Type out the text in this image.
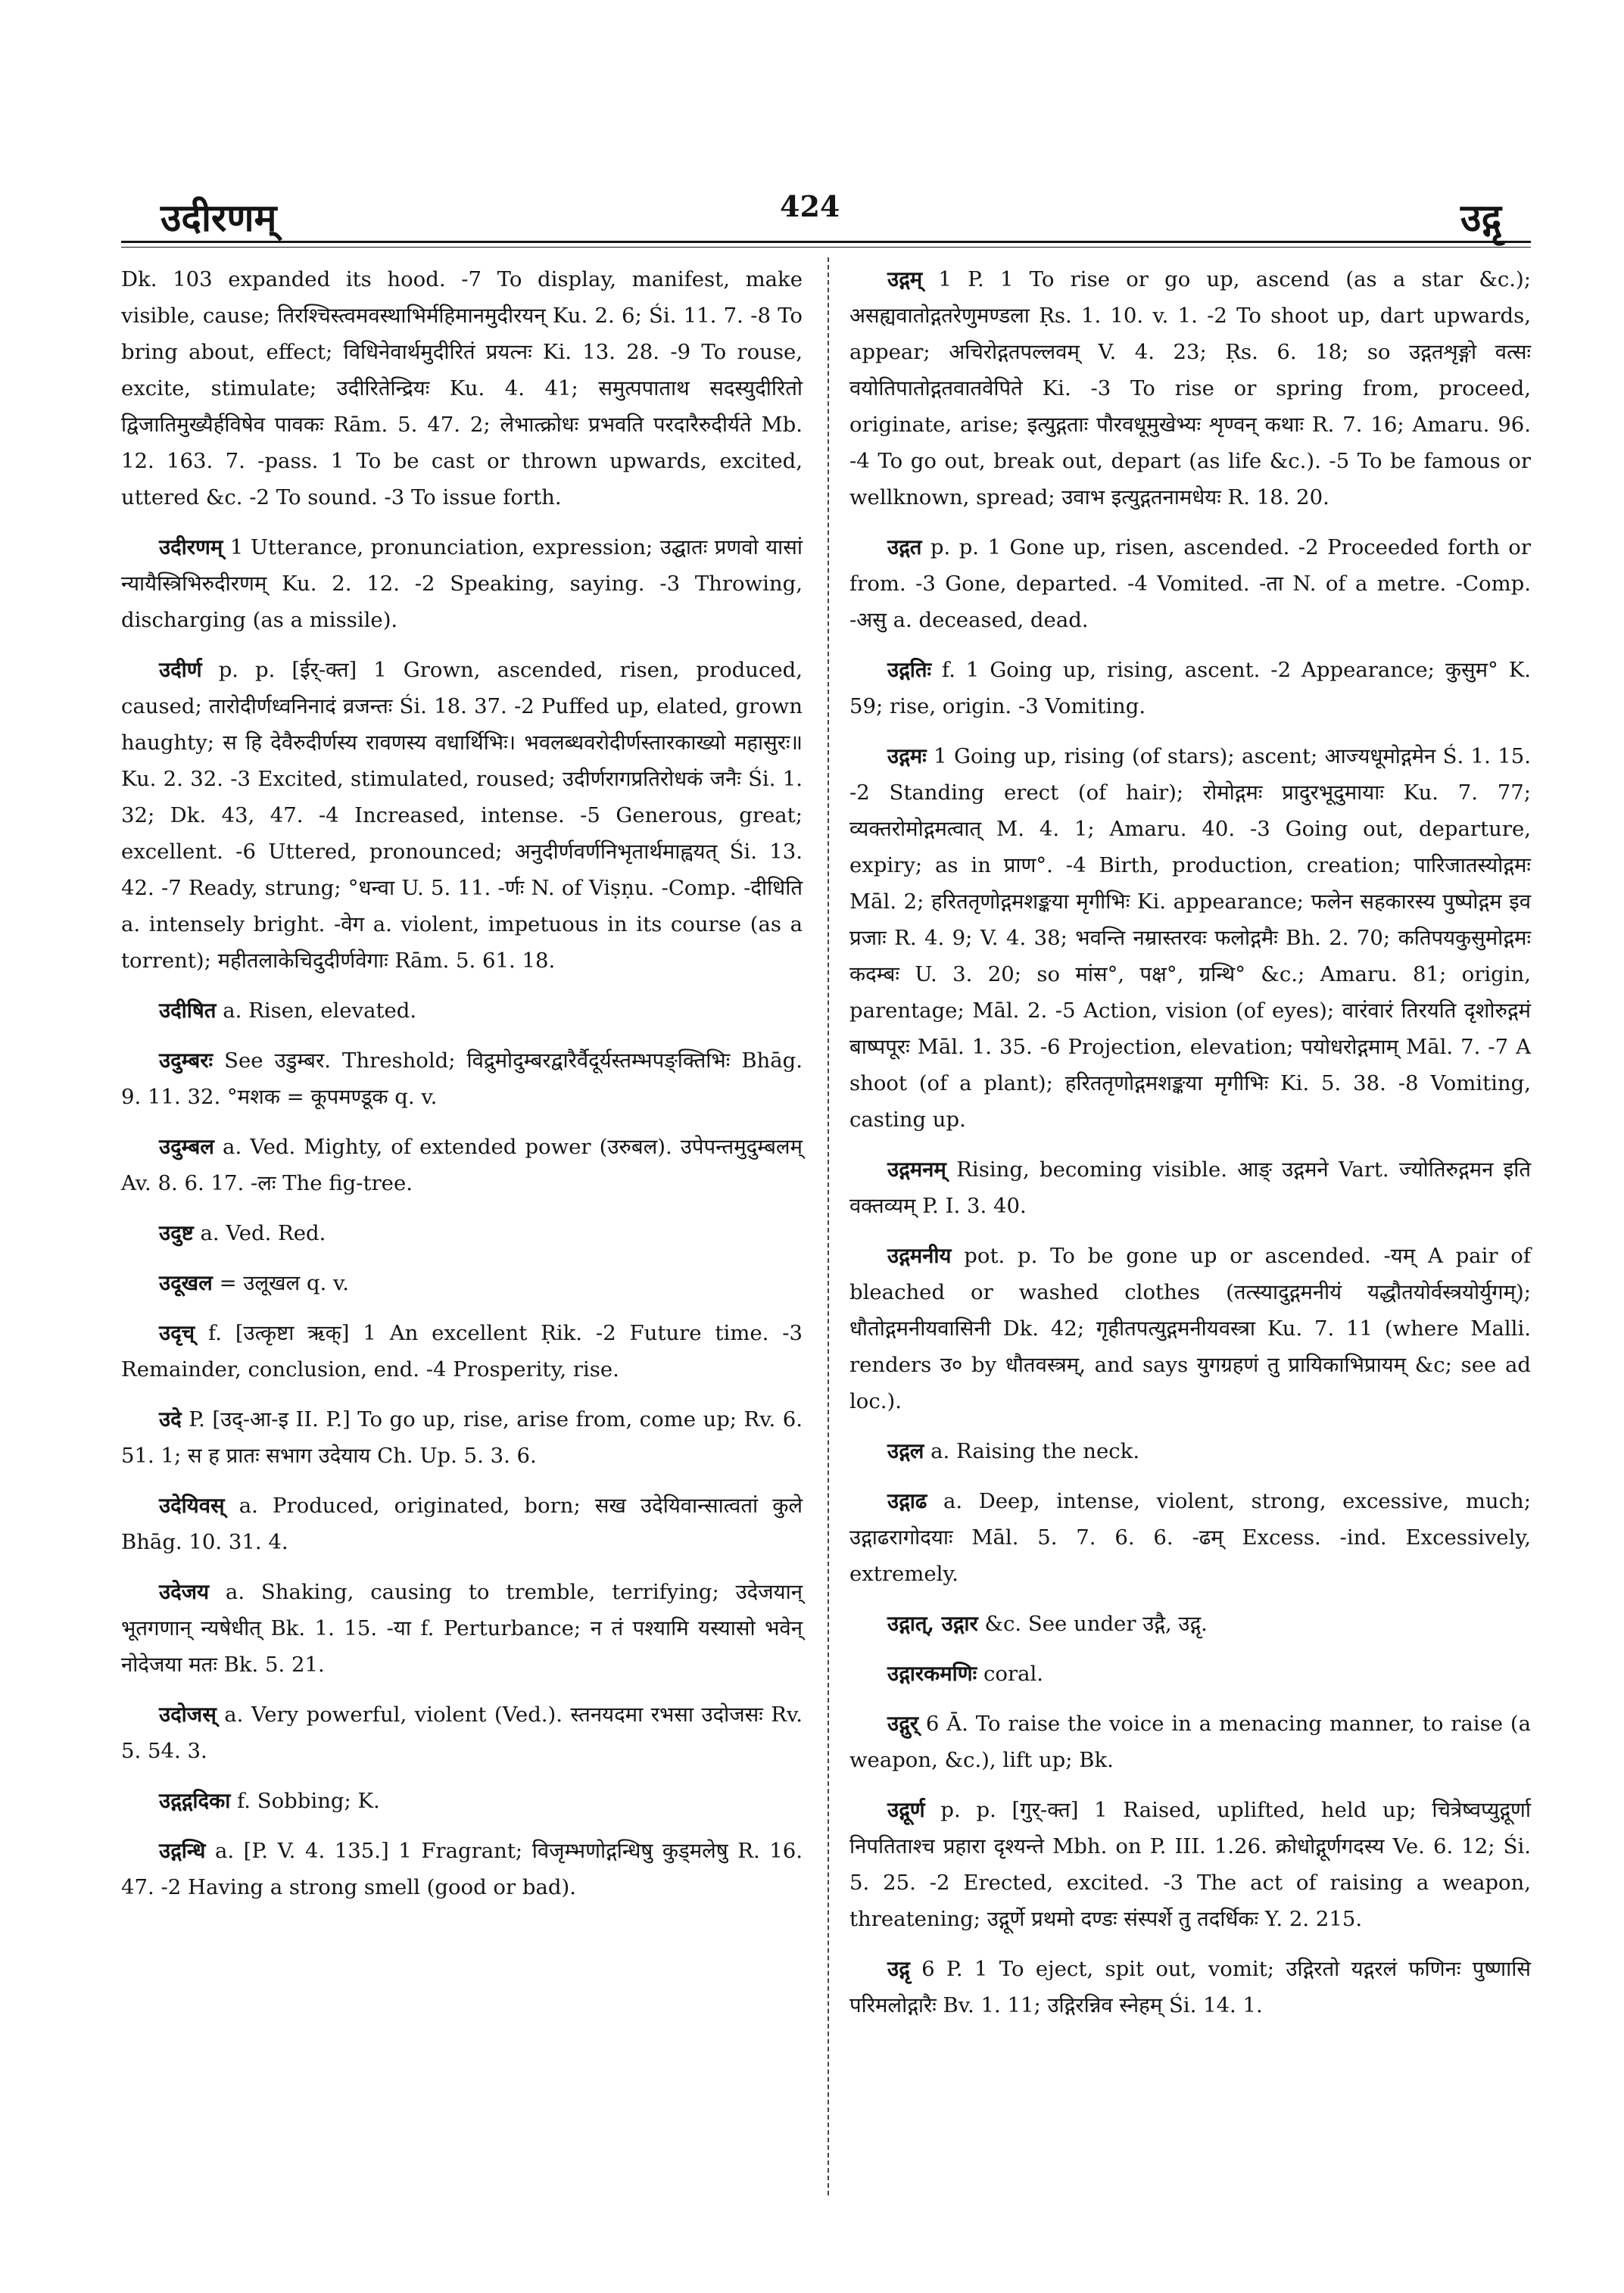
उदीरणम्	424	उद्गृ

Dk. 103 expanded its hood. -7 To display, manifest, make visible, cause; तिरश्चिस्त्वमवस्थाभिर्महिमानमुदीरयन् Ku. 2. 6; Śi. 11. 7. -8 To bring about, effect; विधिनेवार्थमुदीरितं प्रयत्नः Ki. 13. 28. -9 To rouse, excite, stimulate; उदीरितेन्द्रियः Ku. 4. 41; समुत्पपाताथ सदस्युदीरितो द्विजातिमुख्यैर्हविषेव पावकः Rām. 5. 47. 2; लेभात्क्रोधः प्रभवति परदारैरुदीर्यते Mb. 12. 163. 7. -pass. 1 To be cast or thrown upwards, excited, uttered &c. -2 To sound. -3 To issue forth.

उदीरणम् 1 Utterance, pronunciation, expression; उद्घातः प्रणवो यासां न्यायैस्त्रिभिरुदीरणम् Ku. 2. 12. -2 Speaking, saying. -3 Throwing, discharging (as a missile).

उदीर्ण p. p. [ईर्-क्त] 1 Grown, ascended, risen, produced, caused; तारोदीर्णध्वनिनादं व्रजन्तः Śi. 18. 37. -2 Puffed up, elated, grown haughty; स हि देवैरुदीर्णस्य रावणस्य वधार्थिभिः। भवलब्धवरोदीर्णस्तारकाख्यो महासुरः॥ Ku. 2. 32. -3 Excited, stimulated, roused; उदीर्णरागप्रतिरोधकं जनैः Śi. 1. 32; Dk. 43, 47. -4 Increased, intense. -5 Generous, great; excellent. -6 Uttered, pronounced; अनुदीर्णवर्णनिभृतार्थमाह्वयत् Śi. 13. 42. -7 Ready, strung; °धन्वा U. 5. 11. -र्णः N. of Viṣṇu. -Comp. -दीधिति a. intensely bright. -वेग a. violent, impetuous in its course (as a torrent); महीतलाकेचिदुदीर्णवेगाः Rām. 5. 61. 18.

उदीषित a. Risen, elevated.

उदुम्बरः See उडुम्बर. Threshold; विद्रुमोदुम्बरद्वारैर्वैदूर्यस्तम्भपङ्क्तिभिः Bhāg. 9. 11. 32. °मशक = कूपमण्डूक q. v.

उदुम्बल a. Ved. Mighty, of extended power (उरुबल). उपेपन्तमुदुम्बलम् Av. 8. 6. 17. -लः The fig-tree.

उदुष्ट a. Ved. Red.

उदूखल = उलूखल q. v.

उदृच् f. [उत्कृष्टा ऋक्] 1 An excellent Ṛik. -2 Future time. -3 Remainder, conclusion, end. -4 Prosperity, rise.

उदे P. [उद्-आ-इ II. P.] To go up, rise, arise from, come up; Rv. 6. 51. 1; स ह प्रातः सभाग उदेयाय Ch. Up. 5. 3. 6.

उदेयिवस् a. Produced, originated, born; सख उदेयिवान्सात्वतां कुले Bhāg. 10. 31. 4.

उदेजय a. Shaking, causing to tremble, terrifying; उदेजयान् भूतगणान् न्यषेधीत् Bk. 1. 15. -या f. Perturbance; न तं पश्यामि यस्यासो भवेन् नोदेजया मतः Bk. 5. 21.

उदोजस् a. Very powerful, violent (Ved.). स्तनयदमा रभसा उदोजसः Rv. 5. 54. 3.

उद्गद्गदिका f. Sobbing; K.

उद्गन्धि a. [P. V. 4. 135.] 1 Fragrant; विजृम्भणोद्गन्धिषु कुड्मलेषु R. 16. 47. -2 Having a strong smell (good or bad).

उद्गम् 1 P. 1 To rise or go up, ascend (as a star &c.); असह्यवातोद्गतरेणुमण्डला Ṛs. 1. 10. v. 1. -2 To shoot up, dart upwards, appear; अचिरोद्गतपल्लवम् V. 4. 23; Ṛs. 6. 18; so उद्गतशृङ्गो वत्सः वयोतिपातोद्गतवातवेपिते Ki. -3 To rise or spring from, proceed, originate, arise; इत्युद्गताः पौरवधूमुखेभ्यः शृण्वन् कथाः R. 7. 16; Amaru. 96. -4 To go out, break out, depart (as life &c.). -5 To be famous or wellknown, spread; उवाभ इत्युद्गतनामधेयः R. 18. 20.

उद्गत p. p. 1 Gone up, risen, ascended. -2 Proceeded forth or from. -3 Gone, departed. -4 Vomited. -ता N. of a metre. -Comp. -असु a. deceased, dead.

उद्गतिः f. 1 Going up, rising, ascent. -2 Appearance; कुसुम° K. 59; rise, origin. -3 Vomiting.

उद्गमः 1 Going up, rising (of stars); ascent; आज्यधूमोद्गमेन Ś. 1. 15. -2 Standing erect (of hair); रोमोद्गमः प्रादुरभूदुमायाः Ku. 7. 77; व्यक्तरोमोद्गमत्वात् M. 4. 1; Amaru. 40. -3 Going out, departure, expiry; as in प्राण°. -4 Birth, production, creation; पारिजातस्योद्गमः Māl. 2; हरिततृणोद्गमशङ्कया मृगीभिः Ki. appearance; फलेन सहकारस्य पुष्पोद्गम इव प्रजाः R. 4. 9; V. 4. 38; भवन्ति नम्रास्तरवः फलोद्गमैः Bh. 2. 70; कतिपयकुसुमोद्गमः कदम्बः U. 3. 20; so मांस°, पक्ष°, ग्रन्थि° &c.; Amaru. 81; origin, parentage; Māl. 2. -5 Action, vision (of eyes); वारंवारं तिरयति दृशोरुद्गमं बाष्पपूरः Māl. 1. 35. -6 Projection, elevation; पयोधरोद्गमाम् Māl. 7. -7 A shoot (of a plant); हरिततृणोद्गमशङ्कया मृगीभिः Ki. 5. 38. -8 Vomiting, casting up.

उद्गमनम् Rising, becoming visible. आङ् उद्गमने Vart. ज्योतिरुद्गमन इति वक्तव्यम् P. I. 3. 40.

उद्गमनीय pot. p. To be gone up or ascended. -यम् A pair of bleached or washed clothes (तत्स्यादुद्गमनीयं यद्धौतयोर्वस्त्रयोर्युगम्); धौतोद्गमनीयवासिनी Dk. 42; गृहीतपत्युद्गमनीयवस्त्रा Ku. 7. 11 (where Malli. renders उ० by धौतवस्त्रम्, and says युगग्रहणं तु प्रायिकाभिप्रायम् &c; see ad loc.).

उद्गल a. Raising the neck.

उद्गाढ a. Deep, intense, violent, strong, excessive, much; उद्गाढरागोदयाः Māl. 5. 7. 6. 6. -ढम् Excess. -ind. Excessively, extremely.

उद्गात्, उद्गार &c. See under उद्गै, उद्गृ.

उद्गारकमणिः coral.

उद्गुर् 6 Ā. To raise the voice in a menacing manner, to raise (a weapon, &c.), lift up; Bk.

उद्गूर्ण p. p. [गुर्-क्त] 1 Raised, uplifted, held up; चित्रेष्वप्युद्गूर्णा निपतिताश्च प्रहारा दृश्यन्ते Mbh. on P. III. 1.26. क्रोधोद्गूर्णगदस्य Ve. 6. 12; Śi. 5. 25. -2 Erected, excited. -3 The act of raising a weapon, threatening; उद्गूर्णे प्रथमो दण्डः संस्पर्शे तु तदर्धिकः Y. 2. 215.

उद्गृ 6 P. 1 To eject, spit out, vomit; उद्गिरतो यद्गरलं फणिनः पुष्णासि परिमलोद्गारैः Bv. 1. 11; उद्गिरन्निव स्नेहम् Śi. 14. 1.
